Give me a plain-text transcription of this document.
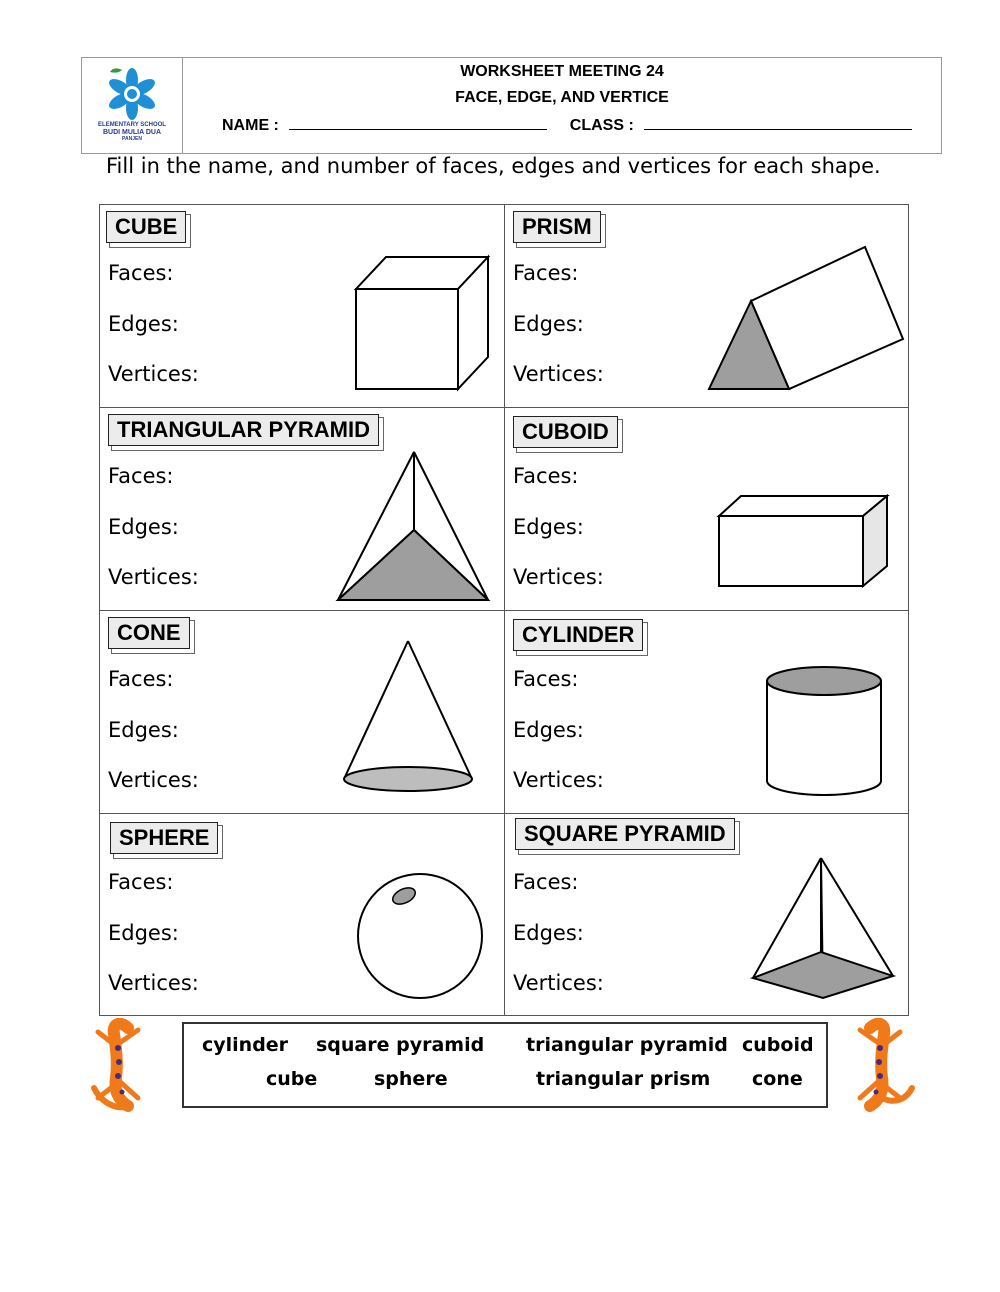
ELEMENTARY SCHOOL
BUDI MULIA DUA
PANJEN
WORKSHEET MEETING 24
FACE, EDGE, AND VERTICE
NAME :	CLASS :
Fill in the name, and number of faces, edges and vertices for each shape.
CUBE
Faces:
Edges:
Vertices:
PRISM
Faces:
Edges:
Vertices:
TRIANGULAR PYRAMID
Faces:
Edges:
Vertices:
CUBOID
Faces:
Edges:
Vertices:
CONE
Faces:
Edges:
Vertices:
CYLINDER
Faces:
Edges:
Vertices:
SPHERE
Faces:
Edges:
Vertices:
SQUARE PYRAMID
Faces:
Edges:
Vertices:
cylinder square pyramid triangular pyramid cuboid
cube	sphere	triangular prism cone
